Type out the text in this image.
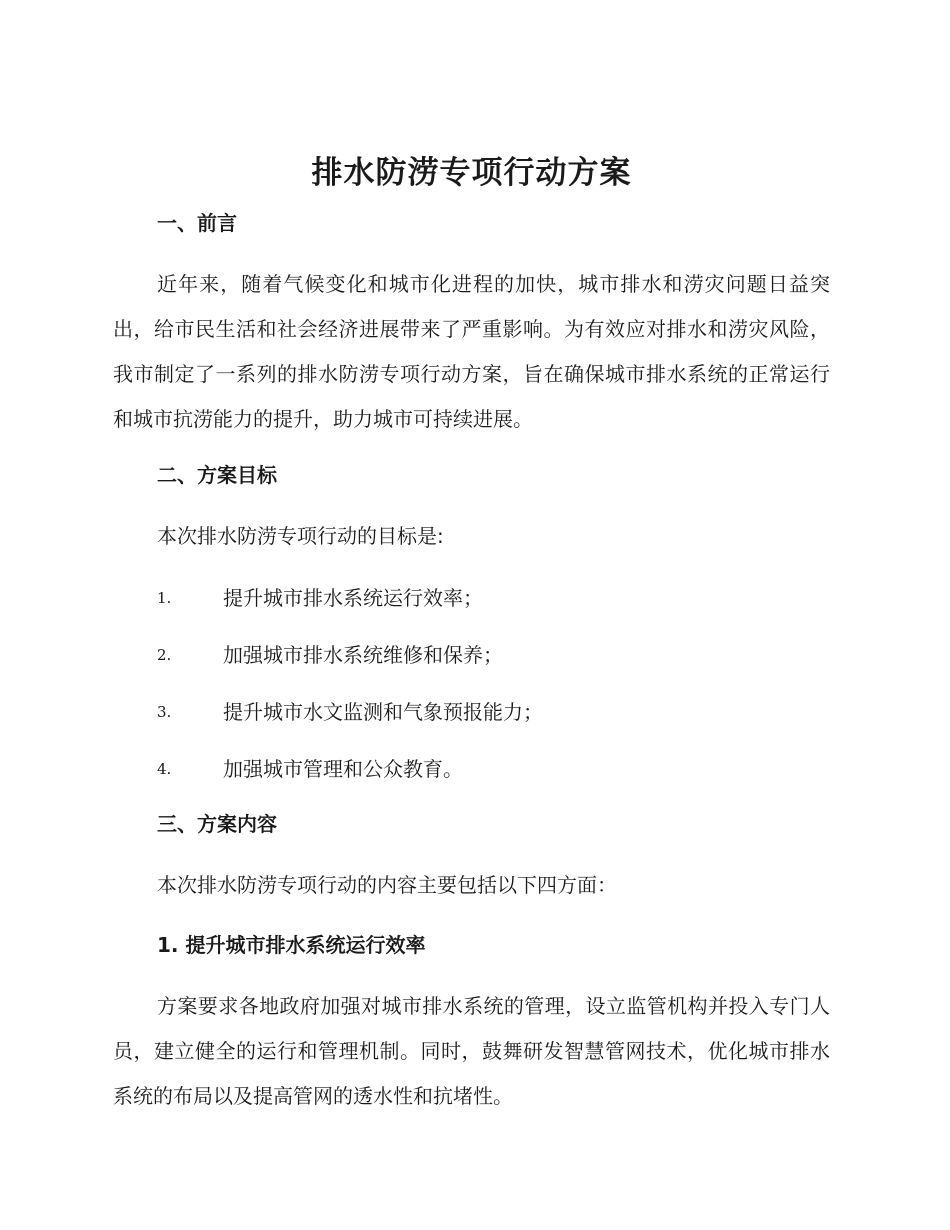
排水防涝专项行动方案
一、前言
近年来，随着气候变化和城市化进程的加快，城市排水和涝灾问题日益突出，给市民生活和社会经济进展带来了严重影响。为有效应对排水和涝灾风险，我市制定了一系列的排水防涝专项行动方案，旨在确保城市排水系统的正常运行和城市抗涝能力的提升，助力城市可持续进展。
二、方案目标
本次排水防涝专项行动的目标是:
1.	提升城市排水系统运行效率；
2.	加强城市排水系统维修和保养；
3.	提升城市水文监测和气象预报能力；
4.	加强城市管理和公众教育。
三、方案内容
本次排水防涝专项行动的内容主要包括以下四方面：
1. 提升城市排水系统运行效率
方案要求各地政府加强对城市排水系统的管理，设立监管机构并投入专门人员，建立健全的运行和管理机制。同时，鼓舞研发智慧管网技术，优化城市排水系统的布局以及提高管网的透水性和抗堵性。
